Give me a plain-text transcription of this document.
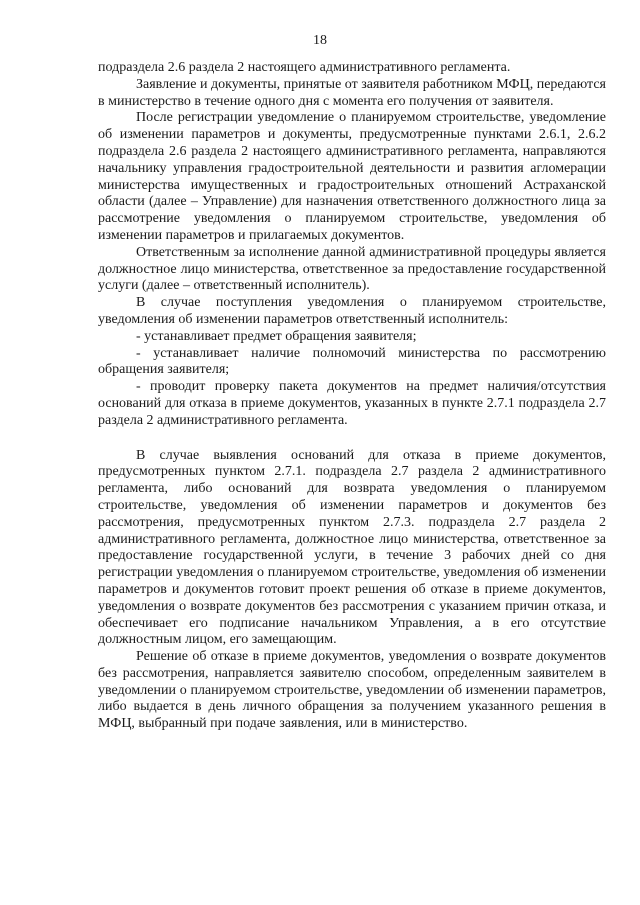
18

подраздела 2.6 раздела 2 настоящего административного регламента.

Заявление и документы, принятые от заявителя работником МФЦ, передаются в министерство в течение одного дня с момента его получения от заявителя.

После регистрации уведомление о планируемом строительстве, уведомление об изменении параметров и документы, предусмотренные пунктами 2.6.1, 2.6.2 подраздела 2.6 раздела 2 настоящего административного регламента, направляются начальнику управления градостроительной деятельности и развития агломерации министерства имущественных и градостроительных отношений Астраханской области (далее – Управление) для назначения ответственного должностного лица за рассмотрение уведомления о планируемом строительстве, уведомления об изменении параметров и прилагаемых документов.

Ответственным за исполнение данной административной процедуры является должностное лицо министерства, ответственное за предоставление государственной услуги (далее – ответственный исполнитель).

В случае поступления уведомления о планируемом строительстве, уведомления об изменении параметров ответственный исполнитель:

- устанавливает предмет обращения заявителя;

- устанавливает наличие полномочий министерства по рассмотрению обращения заявителя;

- проводит проверку пакета документов на предмет наличия/отсутствия оснований для отказа в приеме документов, указанных в пункте 2.7.1 подраздела 2.7 раздела 2 административного регламента.

В случае выявления оснований для отказа в приеме документов, предусмотренных пунктом 2.7.1. подраздела 2.7 раздела 2 административного регламента, либо оснований для возврата уведомления о планируемом строительстве, уведомления об изменении параметров и документов без рассмотрения, предусмотренных пунктом 2.7.3. подраздела 2.7 раздела 2 административного регламента, должностное лицо министерства, ответственное за предоставление государственной услуги, в течение 3 рабочих дней со дня регистрации уведомления о планируемом строительстве, уведомления об изменении параметров и документов готовит проект решения об отказе в приеме документов, уведомления о возврате документов без рассмотрения с указанием причин отказа, и обеспечивает его подписание начальником Управления, а в его отсутствие должностным лицом, его замещающим.

Решение об отказе в приеме документов, уведомления о возврате документов без рассмотрения, направляется заявителю способом, определенным заявителем в уведомлении о планируемом строительстве, уведомлении об изменении параметров, либо выдается в день личного обращения за получением указанного решения в МФЦ, выбранный при подаче заявления, или в министерство.
